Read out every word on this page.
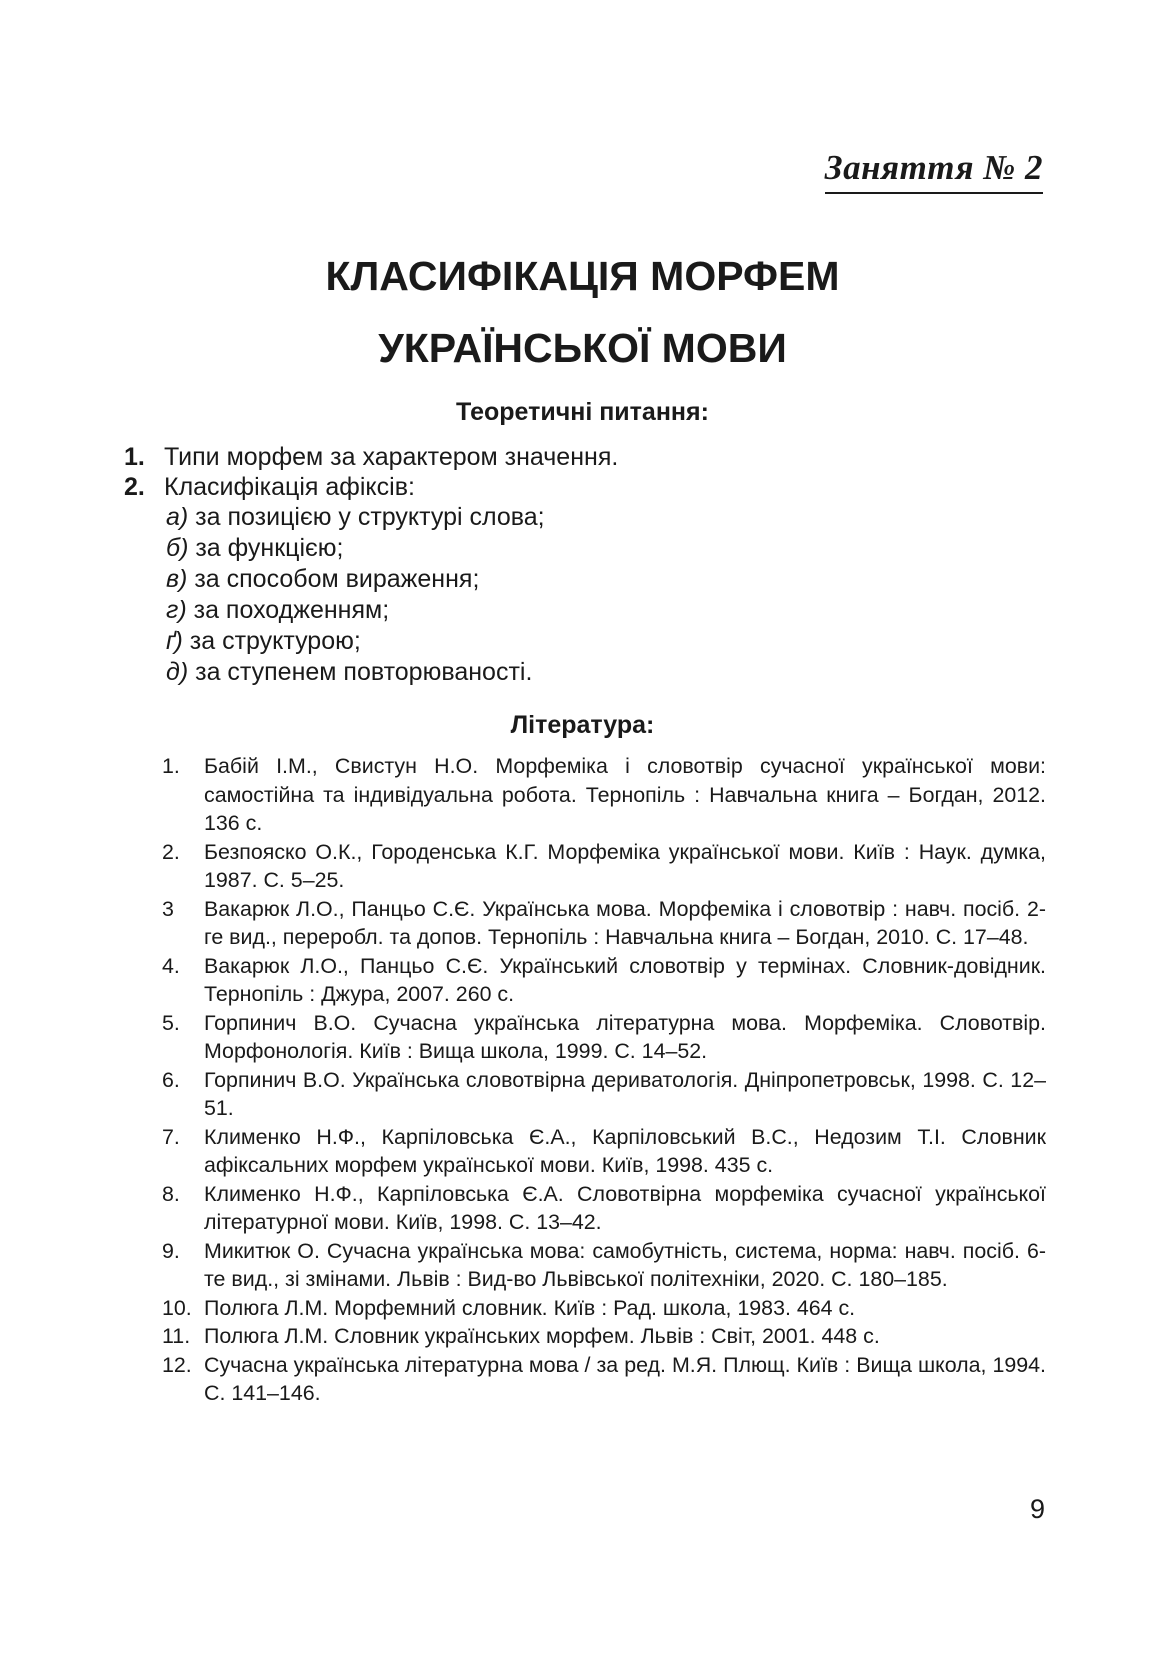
Заняття № 2
КЛАСИФІКАЦІЯ МОРФЕМ
УКРАЇНСЬКОЇ МОВИ
Теоретичні питання:
1. Типи морфем за характером значення.
2. Класифікація афіксів:
а) за позицією у структурі слова;
б) за функцією;
в) за способом вираження;
г) за походженням;
ґ) за структурою;
д) за ступенем повторюваності.
Література:
1.	Бабій І.М., Свистун Н.О. Морфеміка і словотвір сучасної української мови: самостійна та індивідуальна робота. Тернопіль : Навчальна книга – Богдан, 2012. 136 с.
2.	Безпояско О.К., Городенська К.Г. Морфеміка української мови. Київ : Наук. думка, 1987. С. 5–25.
3	Вакарюк Л.О., Панцьо С.Є. Українська мова. Морфеміка і словотвір : навч. посіб. 2-ге вид., переробл. та допов. Тернопіль : Навчальна книга – Богдан, 2010. С. 17–48.
4.	Вакарюк Л.О., Панцьо С.Є. Український словотвір у термінах. Словник-довідник. Тернопіль : Джура, 2007. 260 с.
5.	Горпинич В.О. Сучасна українська літературна мова. Морфеміка. Словотвір. Морфонологія. Київ : Вища школа, 1999. С. 14–52.
6.	Горпинич В.О. Українська словотвірна дериватологія. Дніпропетровськ, 1998. С. 12–51.
7.	Клименко Н.Ф., Карпіловська Є.А., Карпіловський В.С., Недозим Т.І. Словник афіксальних морфем української мови. Київ, 1998. 435 с.
8.	Клименко Н.Ф., Карпіловська Є.А. Словотвірна морфеміка сучасної української літературної мови. Київ, 1998. С. 13–42.
9.	Микитюк О. Сучасна українська мова: самобутність, система, норма: навч. посіб. 6-те вид., зі змінами. Львів : Вид-во Львівської політехніки, 2020. С. 180–185.
10. Полюга Л.М. Морфемний словник. Київ : Рад. школа, 1983. 464 с.
11. Полюга Л.М. Словник українських морфем. Львів : Світ, 2001. 448 с.
12. Сучасна українська літературна мова / за ред. М.Я. Плющ. Київ : Вища школа, 1994. С. 141–146.
9
